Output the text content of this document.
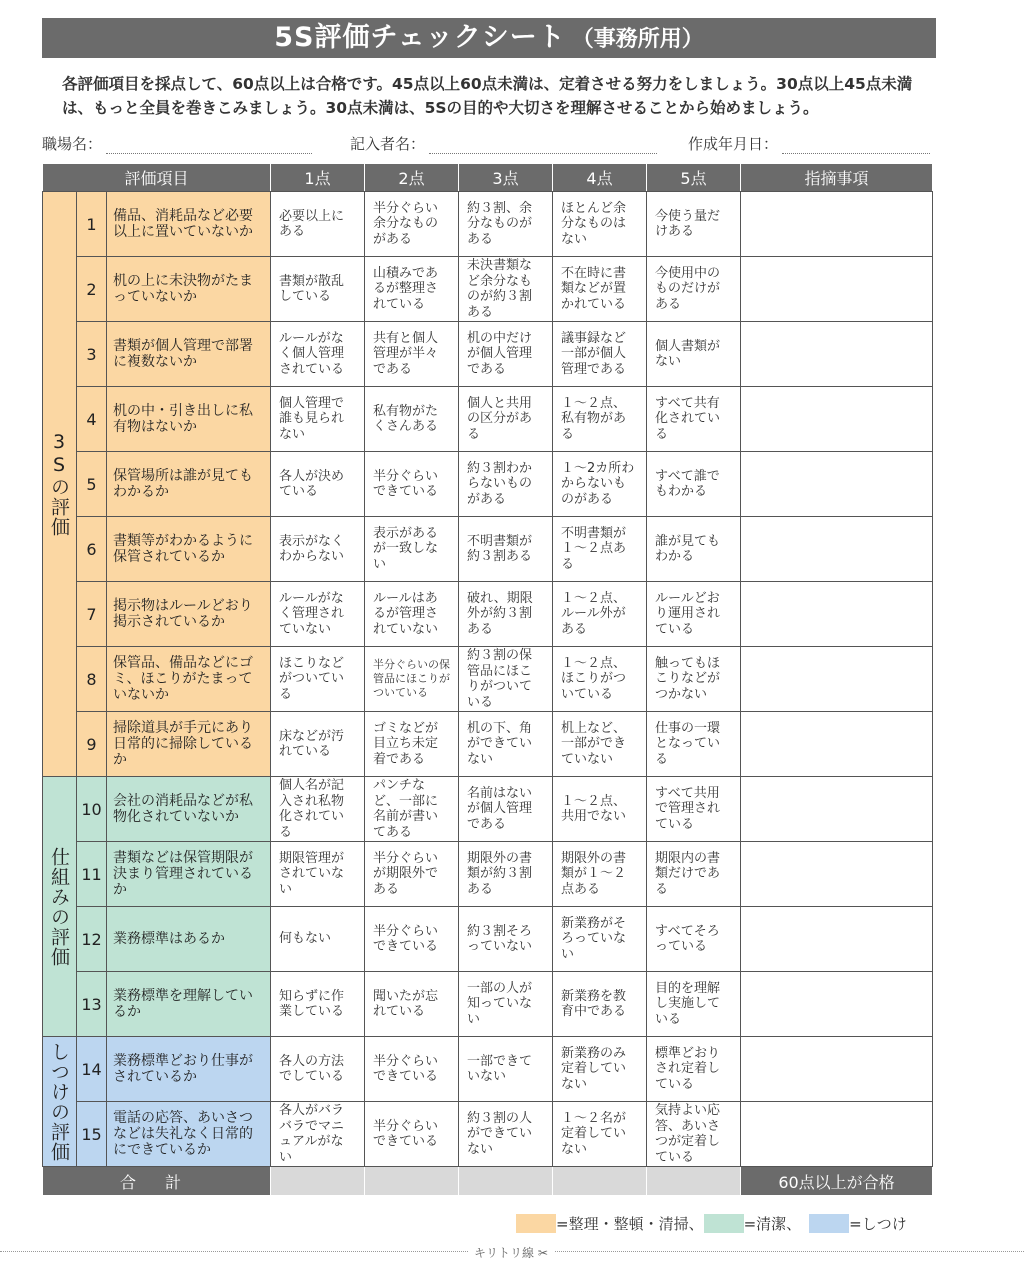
5S評価チェックシート （事務所用）
各評価項目を採点して、60点以上は合格です。45点以上60点未満は、定着させる努力をしましょう。30点以上45点未満は、もっと全員を巻きこみましょう。30点未満は、5Sの目的や大切さを理解させることから始めましょう。
職場名：	記入者名：	作成年月日：
評価項目			1点	2点	3点	4点	5点	指摘事項
3Sの評価	1	備品、消耗品など必要以上に置いていないか	必要以上にある	半分ぐらい余分なものがある	約３割、余分なものがある	ほとんど余分なものはない	今使う量だけある	
	2	机の上に未決物がたまっていないか	書類が散乱している	山積みであるが整理されている	未決書類など余分なものが約３割ある	不在時に書類などが置かれている	今使用中のものだけがある	
	3	書類が個人管理で部署に複数ないか	ルールがなく個人管理されている	共有と個人管理が半々である	机の中だけが個人管理である	議事録など一部が個人管理である	個人書類がない	
	4	机の中・引き出しに私有物はないか	個人管理で誰も見られない	私有物がたくさんある	個人と共用の区分がある	１～２点、私有物がある	すべて共有化されている	
	5	保管場所は誰が見てもわかるか	各人が決めている	半分ぐらいできている	約３割わからないものがある	１～2カ所わからないものがある	すべて誰でもわかる	
	6	書類等がわかるように保管されているか	表示がなくわからない	表示があるが一致しない	不明書類が約３割ある	不明書類が１～２点ある	誰が見てもわかる	
	7	掲示物はルールどおり掲示されているか	ルールがなく管理されていない	ルールはあるが管理されていない	破れ、期限外が約３割ある	１～２点、ルール外がある	ルールどおり運用されている	
	8	保管品、備品などにゴミ、ほこりがたまっていないか	ほこりなどがついている	半分ぐらいの保管品にほこりがついている	約３割の保管品にほこりがついている	１～２点、ほこりがついている	触ってもほこりなどがつかない	
	9	掃除道具が手元にあり日常的に掃除しているか	床などが汚れている	ゴミなどが目立ち未定着である	机の下、角ができていない	机上など、一部ができていない	仕事の一環となっている	
仕組みの評価	10	会社の消耗品などが私物化されていないか	個人名が記入され私物化されている	パンチなど、一部に名前が書いてある	名前はないが個人管理である	１～２点、共用でない	すべて共用で管理されている	
	11	書類などは保管期限が決まり管理されているか	期限管理がされていない	半分ぐらいが期限外である	期限外の書類が約３割ある	期限外の書類が１～２点ある	期限内の書類だけである	
	12	業務標準はあるか	何もない	半分ぐらいできている	約３割そろっていない	新業務がそろっていない	すべてそろっている	
	13	業務標準を理解しているか	知らずに作業している	聞いたが忘れている	一部の人が知っていない	新業務を教育中である	目的を理解し実施している	
しつけの評価	14	業務標準どおり仕事がされているか	各人の方法でしている	半分ぐらいできている	一部できていない	新業務のみ定着していない	標準どおりされ定着している	
	15	電話の応答、あいさつなどは失礼なく日常的にできているか	各人がバラバラでマニュアルがない	半分ぐらいできている	約３割の人ができていない	１～２名が定着していない	気持よい応答、あいさつが定着している	
合 計								60点以上が合格
=整理・整頓・清掃、	=清潔、	=しつけ
キリトリ線 ✂
